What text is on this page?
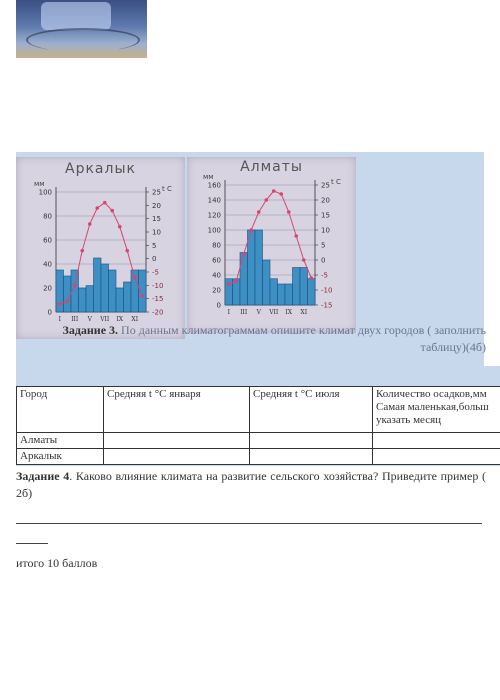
мм
t C
100
80
60
40
20
0
25
20
15
10
5
0
-5
-10
-15
-20
I III V VII IX XI
Аркалык	мм
t C
160
140
120
100
80
60
40
20
0
25
20
15
10
5
0
-5
-10
-15
I III V VII IX XI
Алматы
Задание 3. По данным климатограммам опишите климат двух городов ( заполнить таблицу)(4б)
Город	Средняя t °С января	Средняя t °С июля	Количество осадков,мм Самая маленькая,больш указать месяц
Алматы			
Аркалык			
Задание 4. Каково влияние климата на развитие сельского хозяйства? Приведите пример ( 2б)
итого 10 баллов
